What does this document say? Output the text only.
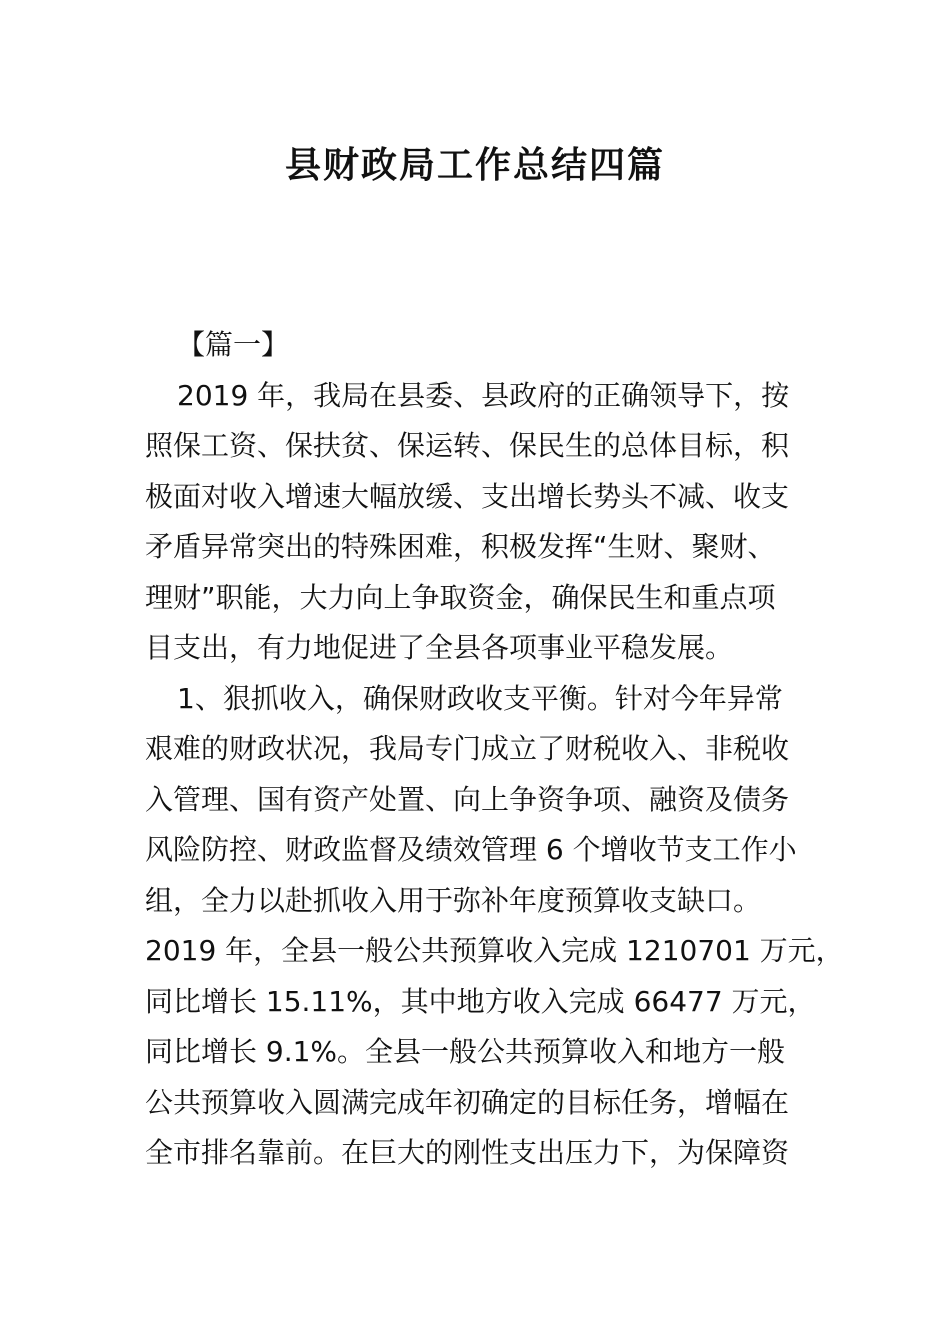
县财政局工作总结四篇

【篇一】

2019 年，我局在县委、县政府的正确领导下，按

照保工资、保扶贫、保运转、保民生的总体目标，积

极面对收入增速大幅放缓、支出增长势头不减、收支

矛盾异常突出的特殊困难，积极发挥“生财、聚财、

理财”职能，大力向上争取资金，确保民生和重点项

目支出，有力地促进了全县各项事业平稳发展。

1、狠抓收入，确保财政收支平衡。针对今年异常

艰难的财政状况，我局专门成立了财税收入、非税收

入管理、国有资产处置、向上争资争项、融资及债务

风险防控、财政监督及绩效管理 6 个增收节支工作小

组，全力以赴抓收入用于弥补年度预算收支缺口。

2019 年，全县一般公共预算收入完成 1210701 万元，

同比增长 15.11%，其中地方收入完成 66477 万元，

同比增长 9.1%。全县一般公共预算收入和地方一般

公共预算收入圆满完成年初确定的目标任务，增幅在

全市排名靠前。在巨大的刚性支出压力下，为保障资
